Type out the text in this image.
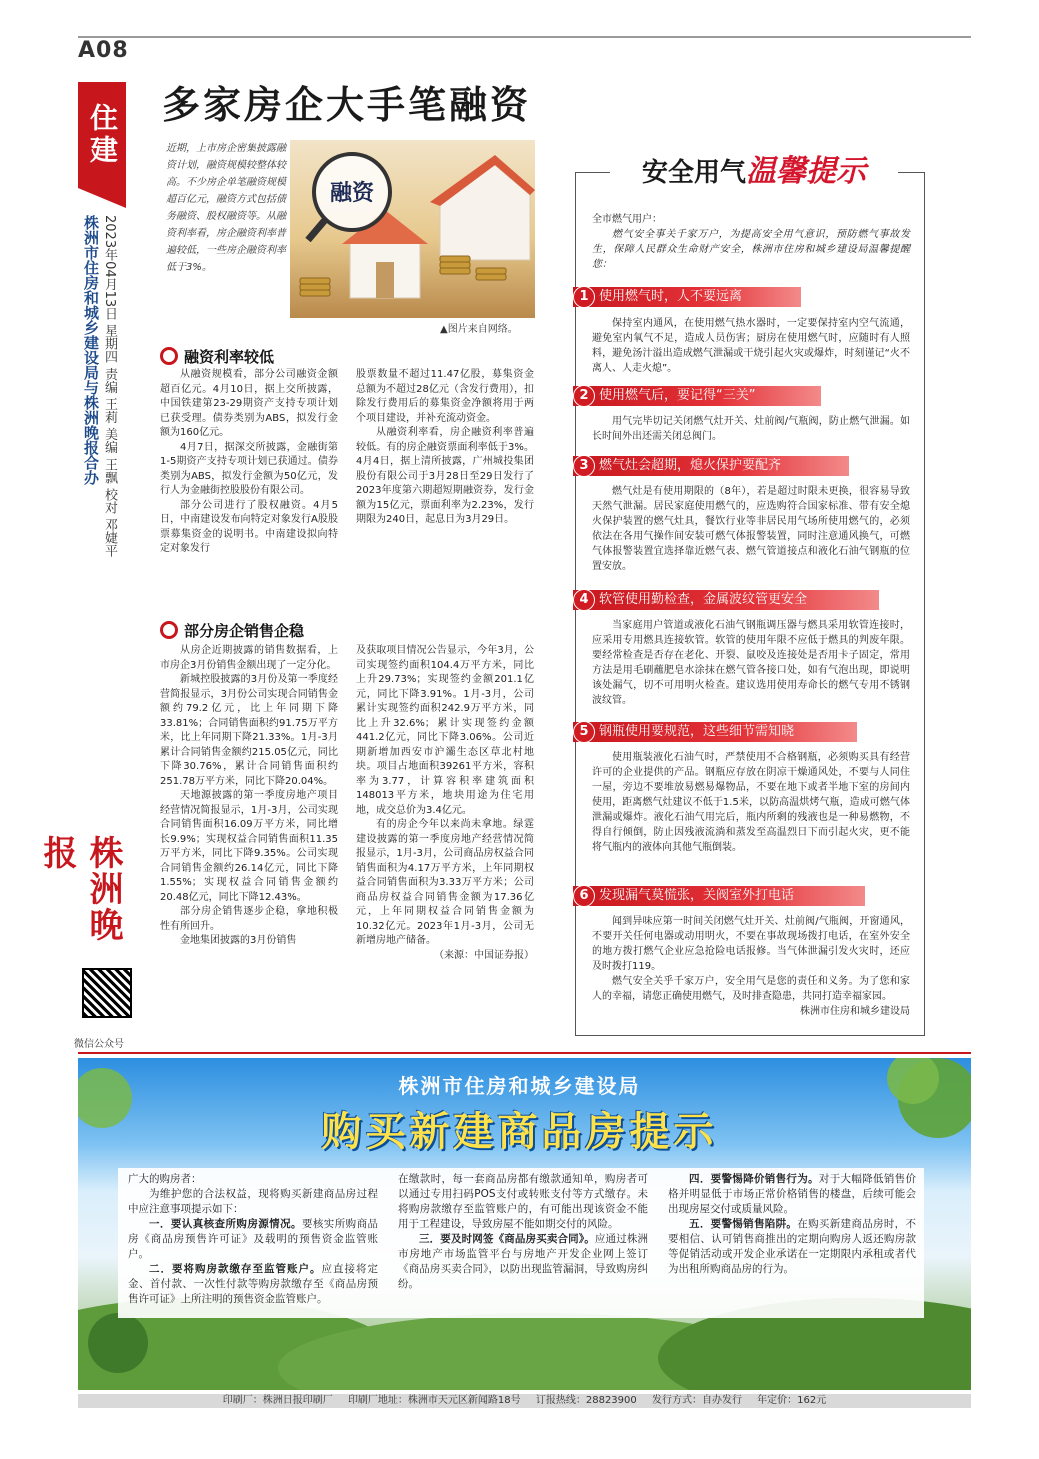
A08
住建
2023年04月13日 星期四 责编 王莉 美编 王飘 校对 邓婕平
株洲市住房和城乡建设局与株洲晚报合办
株洲晚报
微信公众号
多家房企大手笔融资
近期，上市房企密集披露融资计划，融资规模较整体较高。不少房企单笔融资规模超百亿元，融资方式包括债务融资、股权融资等。从融资利率看，房企融资利率普遍较低，一些房企融资利率低于3%。
融资
▲图片来自网络。
融资利率较低

从融资规模看，部分公司融资金额超百亿元。4月10日，据上交所披露，中国铁建第23-29期资产支持专项计划已获受理。债券类别为ABS，拟发行金额为160亿元。

4月7日，据深交所披露，金融街第1-5期资产支持专项计划已获通过。债券类别为ABS，拟发行金额为50亿元，发行人为金融街控股股份有限公司。

部分公司进行了股权融资。4月5日，中南建设发布向特定对象发行A股股票募集资金的说明书。中南建设拟向特定对象发行

股票数量不超过11.47亿股，募集资金总额为不超过28亿元（含发行费用），扣除发行费用后的募集资金净额将用于两个项目建设，并补充流动资金。

从融资利率看，房企融资利率普遍较低。有的房企融资票面利率低于3%。4月4日，据上清所披露，广州城投集团股份有限公司于3月28日至29日发行了2023年度第六期超短期融资券，发行金额为15亿元，票面利率为2.23%，发行期限为240日，起息日为3月29日。

部分房企销售企稳

从房企近期披露的销售数据看，上市房企3月份销售金额出现了一定分化。

新城控股披露的3月份及第一季度经营简报显示，3月份公司实现合同销售金额约79.2亿元，比上年同期下降33.81%；合同销售面积约91.75万平方米，比上年同期下降21.33%。1月-3月累计合同销售金额约215.05亿元，同比下降30.76%，累计合同销售面积约251.78万平方米，同比下降20.04%。

天地源披露的第一季度房地产项目经营情况简报显示，1月-3月，公司实现合同销售面积16.09万平方米，同比增长9.9%；实现权益合同销售面积11.35万平方米，同比下降9.35%。公司实现合同销售金额约26.14亿元，同比下降1.55%；实现权益合同销售金额约20.48亿元，同比下降12.43%。

部分房企销售逐步企稳，拿地积极性有所回升。

金地集团披露的3月份销售

及获取项目情况公告显示，今年3月，公司实现签约面积104.4万平方米，同比上升29.73%；实现签约金额201.1亿元，同比下降3.91%。1月-3月，公司累计实现签约面积242.9万平方米，同比上升32.6%；累计实现签约金额441.2亿元，同比下降3.06%。公司近期新增加西安市沪灞生态区草北村地块。项目占地面积39261平方米，容积率为3.77，计算容积率建筑面积148013平方米，地块用途为住宅用地，成交总价为3.4亿元。

有的房企今年以来尚未拿地。绿霆建设披露的第一季度房地产经营情况简报显示，1月-3月，公司商品房权益合同销售面积为4.17万平方米，上年同期权益合同销售面积为3.33万平方米；公司商品房权益合同销售金额为17.36亿元，上年同期权益合同销售金额为10.32亿元。2023年1月-3月，公司无新增房地产储备。

（来源：中国证券报）

安全用气温馨提示

全市燃气用户：

燃气安全事关千家万户，为提高安全用气意识，预防燃气事故发生，保障人民群众生命财产安全，株洲市住房和城乡建设局温馨提醒您：

1 使用燃气时，人不要远离

保持室内通风，在使用燃气热水器时，一定要保持室内空气流通，避免室内氧气不足，造成人员伤害；厨房在使用燃气时，应随时有人照料，避免汤汁溢出造成燃气泄漏或干烧引起火灾或爆炸，时刻谨记“火不离人、人走火熄”。

2 使用燃气后，要记得“三关”

用气完毕切记关闭燃气灶开关、灶前阀/气瓶阀，防止燃气泄漏。如长时间外出还需关闭总阀门。

3 燃气灶会超期，熄火保护要配齐

燃气灶是有使用期限的（8年），若是超过时限未更换，很容易导致天然气泄漏。居民家庭使用燃气的，应选购符合国家标准、带有安全熄火保护装置的燃气灶具，餐饮行业等非居民用气场所使用燃气的，必须依法在各用气操作间安装可燃气体报警装置，同时注意通风换气，可燃气体报警装置宜选择靠近燃气表、燃气管道接点和液化石油气钢瓶的位置安放。

4 软管使用勤检查，金属波纹管更安全

当家庭用户管道或液化石油气钢瓶调压器与燃具采用软管连接时，应采用专用燃具连接软管。软管的使用年限不应低于燃具的判废年限。要经常检查是否存在老化、开裂、鼠咬及连接处是否用卡子固定，常用方法是用毛刷蘸肥皂水涂抹在燃气管各接口处，如有气泡出现，即说明该处漏气，切不可用明火检查。建议选用使用寿命长的燃气专用不锈钢波纹管。

5 钢瓶使用要规范，这些细节需知晓

使用瓶装液化石油气时，严禁使用不合格钢瓶，必须购买具有经营许可的企业提供的产品。钢瓶应存放在阴凉干燥通风处，不要与人同住一屋，旁边不要堆放易燃易爆物品，不要在地下或者半地下室的房间内使用，距离燃气灶建议不低于1.5米，以防高温烘烤气瓶，造成可燃气体泄漏或爆炸。液化石油气用完后，瓶内所剩的残液也是一种易燃物，不得自行倾倒，防止因残液流淌和蒸发至高温烈日下而引起火灾，更不能将气瓶内的液体向其他气瓶倒装。

6 发现漏气莫慌张，关阀室外打电话

闻到异味应第一时间关闭燃气灶开关、灶前阀/气瓶阀，开窗通风，不要开关任何电器或动用明火，不要在事故现场拨打电话，在室外安全的地方拨打燃气企业应急抢险电话报修。当气体泄漏引发火灾时，还应及时拨打119。

燃气安全关乎千家万户，安全用气是您的责任和义务。为了您和家人的幸福，请您正确使用燃气，及时排查隐患，共同打造幸福家园。

株洲市住房和城乡建设局

株洲市住房和城乡建设局
购买新建商品房提示

广大的购房者：

为维护您的合法权益，现将购买新建商品房过程中应注意事项提示如下：

一．要认真核查所购房源情况。要核实所购商品房《商品房预售许可证》及载明的预售资金监管账户。

二．要将购房款缴存至监管账户。应直接将定金、首付款、一次性付款等购房款缴存至《商品房预售许可证》上所注明的预售资金监管账户。

在缴款时，每一套商品房都有缴款通知单，购房者可以通过专用扫码POS支付或转账支付等方式缴存。未将购房款缴存至监管账户的，有可能出现该资金不能用于工程建设，导致房屋不能如期交付的风险。

三．要及时网签《商品房买卖合同》。应通过株洲市房地产市场监管平台与房地产开发企业网上签订《商品房买卖合同》，以防出现监管漏洞，导致购房纠纷。

四．要警惕降价销售行为。对于大幅降低销售价格并明显低于市场正常价格销售的楼盘，后续可能会出现房屋交付或质量风险。

五．要警惕销售陷阱。在购买新建商品房时，不要相信、认可销售商推出的定期向购房人返还购房款等促销活动或开发企业承诺在一定期限内承租或者代为出租所购商品房的行为。

印刷厂：株洲日报印刷厂 印刷厂地址：株洲市天元区新闻路18号 订报热线：28823900 发行方式：自办发行 年定价：162元
